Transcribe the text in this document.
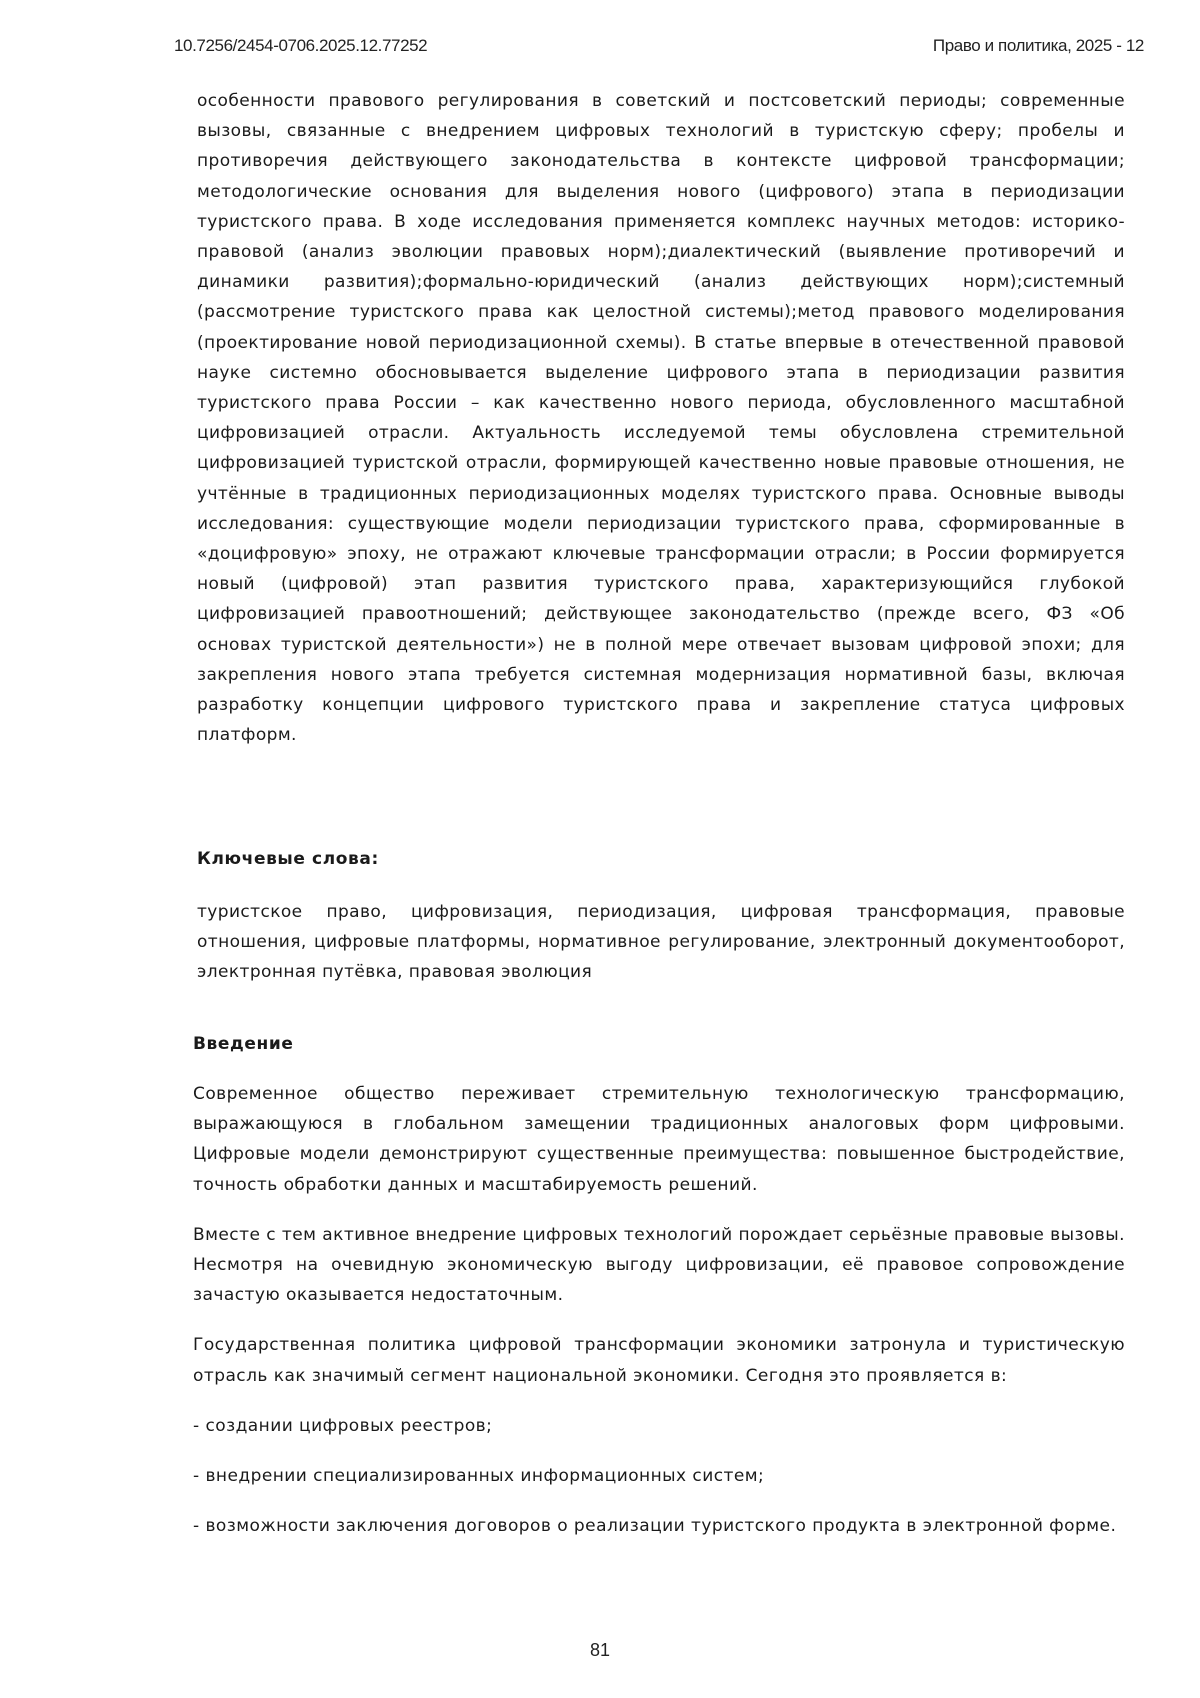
10.7256/2454-0706.2025.12.77252	Право и политика, 2025 - 12

особенности правового регулирования в советский и постсоветский периоды; современные вызовы, связанные с внедрением цифровых технологий в туристскую сферу; пробелы и противоречия действующего законодательства в контексте цифровой трансформации; методологические основания для выделения нового (цифрового) этапа в периодизации туристского права. В ходе исследования применяется комплекс научных методов: историко-правовой (анализ эволюции правовых норм);диалектический (выявление противоречий и динамики развития);формально-юридический (анализ действующих норм);системный (рассмотрение туристского права как целостной системы);метод правового моделирования (проектирование новой периодизационной схемы). В статье впервые в отечественной правовой науке системно обосновывается выделение цифрового этапа в периодизации развития туристского права России – как качественно нового периода, обусловленного масштабной цифровизацией отрасли. Актуальность исследуемой темы обусловлена стремительной цифровизацией туристской отрасли, формирующей качественно новые правовые отношения, не учтённые в традиционных периодизационных моделях туристского права. Основные выводы исследования: существующие модели периодизации туристского права, сформированные в «доцифровую» эпоху, не отражают ключевые трансформации отрасли; в России формируется новый (цифровой) этап развития туристского права, характеризующийся глубокой цифровизацией правоотношений; действующее законодательство (прежде всего, ФЗ «Об основах туристской деятельности») не в полной мере отвечает вызовам цифровой эпохи; для закрепления нового этапа требуется системная модернизация нормативной базы, включая разработку концепции цифрового туристского права и закрепление статуса цифровых платформ.

Ключевые слова:

туристское право, цифровизация, периодизация, цифровая трансформация, правовые отношения, цифровые платформы, нормативное регулирование, электронный документооборот, электронная путёвка, правовая эволюция

Введение

Современное общество переживает стремительную технологическую трансформацию, выражающуюся в глобальном замещении традиционных аналоговых форм цифровыми. Цифровые модели демонстрируют существенные преимущества: повышенное быстродействие, точность обработки данных и масштабируемость решений.

Вместе с тем активное внедрение цифровых технологий порождает серьёзные правовые вызовы. Несмотря на очевидную экономическую выгоду цифровизации, её правовое сопровождение зачастую оказывается недостаточным.

Государственная политика цифровой трансформации экономики затронула и туристическую отрасль как значимый сегмент национальной экономики. Сегодня это проявляется в:

- создании цифровых реестров;

- внедрении специализированных информационных систем;

- возможности заключения договоров о реализации туристского продукта в электронной форме.

81
